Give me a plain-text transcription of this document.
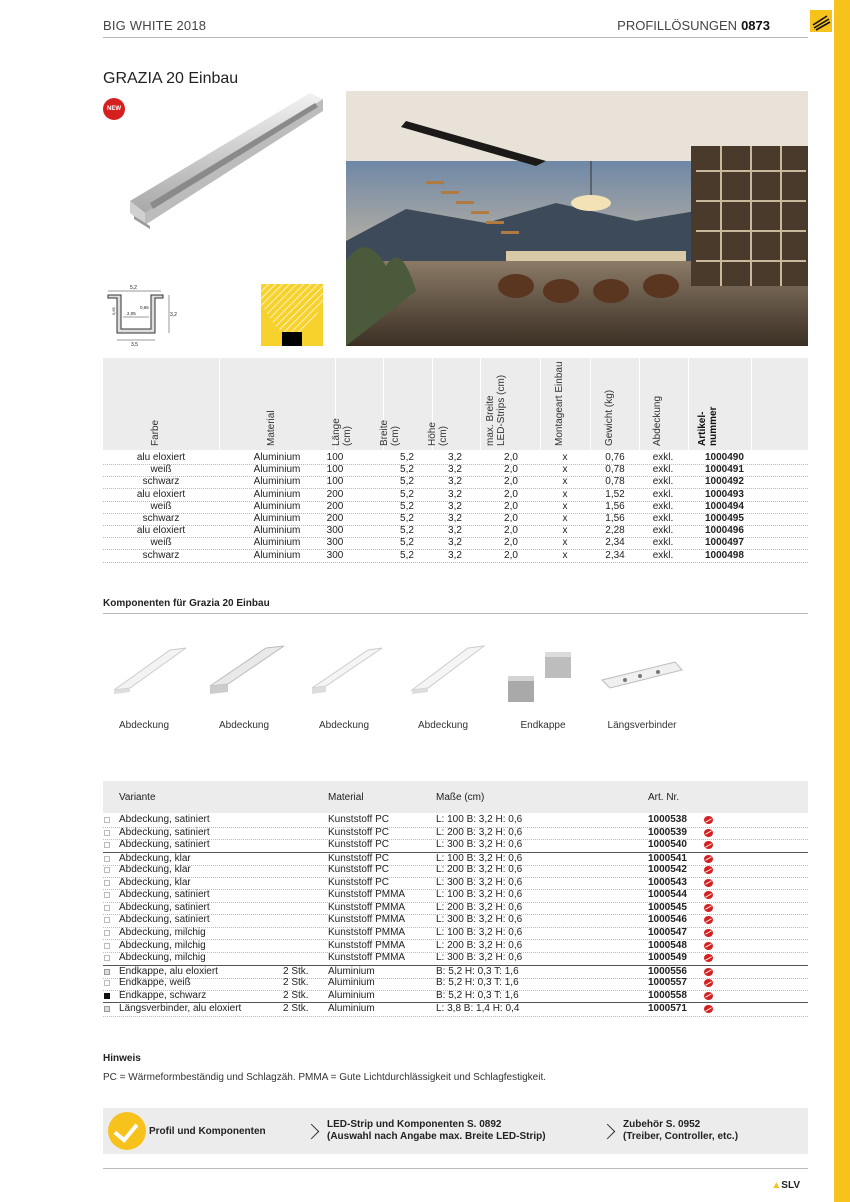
BIG WHITE 2018	PROFILLÖSUNGEN 0873
GRAZIA 20 Einbau
NEW
5,2
3,2
2,05
0,65
0,65
3,5
Farbe	Material	Länge
(cm)	Breite
(cm)	Höhe
(cm)	max. Breite
LED-Strips (cm)	Montageart Einbau	Gewicht (kg)	Abdeckung	Artikel-
nummer
alu eloxiert	Aluminium	100	5,2	3,2	2,0	x	0,76	exkl.	1000490
weiß	Aluminium	100	5,2	3,2	2,0	x	0,78	exkl.	1000491
schwarz	Aluminium	100	5,2	3,2	2,0	x	0,78	exkl.	1000492
alu eloxiert	Aluminium	200	5,2	3,2	2,0	x	1,52	exkl.	1000493
weiß	Aluminium	200	5,2	3,2	2,0	x	1,56	exkl.	1000494
schwarz	Aluminium	200	5,2	3,2	2,0	x	1,56	exkl.	1000495
alu eloxiert	Aluminium	300	5,2	3,2	2,0	x	2,28	exkl.	1000496
weiß	Aluminium	300	5,2	3,2	2,0	x	2,34	exkl.	1000497
schwarz	Aluminium	300	5,2	3,2	2,0	x	2,34	exkl.	1000498
Komponenten für Grazia 20 Einbau
Abdeckung	Abdeckung	Abdeckung	Abdeckung	Endkappe	Längsverbinder
Variante	Material	Maße (cm)	Art. Nr.
Abdeckung, satiniert	Kunststoff PC	L: 100 B: 3,2 H: 0,6	1000538
Abdeckung, satiniert	Kunststoff PC	L: 200 B: 3,2 H: 0,6	1000539
Abdeckung, satiniert	Kunststoff PC	L: 300 B: 3,2 H: 0,6	1000540
Abdeckung, klar	Kunststoff PC	L: 100 B: 3,2 H: 0,6	1000541
Abdeckung, klar	Kunststoff PC	L: 200 B: 3,2 H: 0,6	1000542
Abdeckung, klar	Kunststoff PC	L: 300 B: 3,2 H: 0,6	1000543
Abdeckung, satiniert	Kunststoff PMMA	L: 100 B: 3,2 H: 0,6	1000544
Abdeckung, satiniert	Kunststoff PMMA	L: 200 B: 3,2 H: 0,6	1000545
Abdeckung, satiniert	Kunststoff PMMA	L: 300 B: 3,2 H: 0,6	1000546
Abdeckung, milchig	Kunststoff PMMA	L: 100 B: 3,2 H: 0,6	1000547
Abdeckung, milchig	Kunststoff PMMA	L: 200 B: 3,2 H: 0,6	1000548
Abdeckung, milchig	Kunststoff PMMA	L: 300 B: 3,2 H: 0,6	1000549
Endkappe, alu eloxiert	2 Stk. Aluminium	B: 5,2 H: 0,3 T: 1,6	1000556
Endkappe, weiß	2 Stk. Aluminium	B: 5,2 H: 0,3 T: 1,6	1000557
Endkappe, schwarz	2 Stk. Aluminium	B: 5,2 H: 0,3 T: 1,6	1000558
Längsverbinder, alu eloxiert	2 Stk. Aluminium	L: 3,8 B: 1,4 H: 0,4	1000571
Hinweis
PC = Wärmeformbeständig und Schlagzäh. PMMA = Gute Lichtdurchlässigkeit und Schlagfestigkeit.
Profil und Komponenten
LED-Strip und Komponenten S. 0892
(Auswahl nach Angabe max. Breite LED-Strip)
Zubehör S. 0952
(Treiber, Controller, etc.)
▲SLV
